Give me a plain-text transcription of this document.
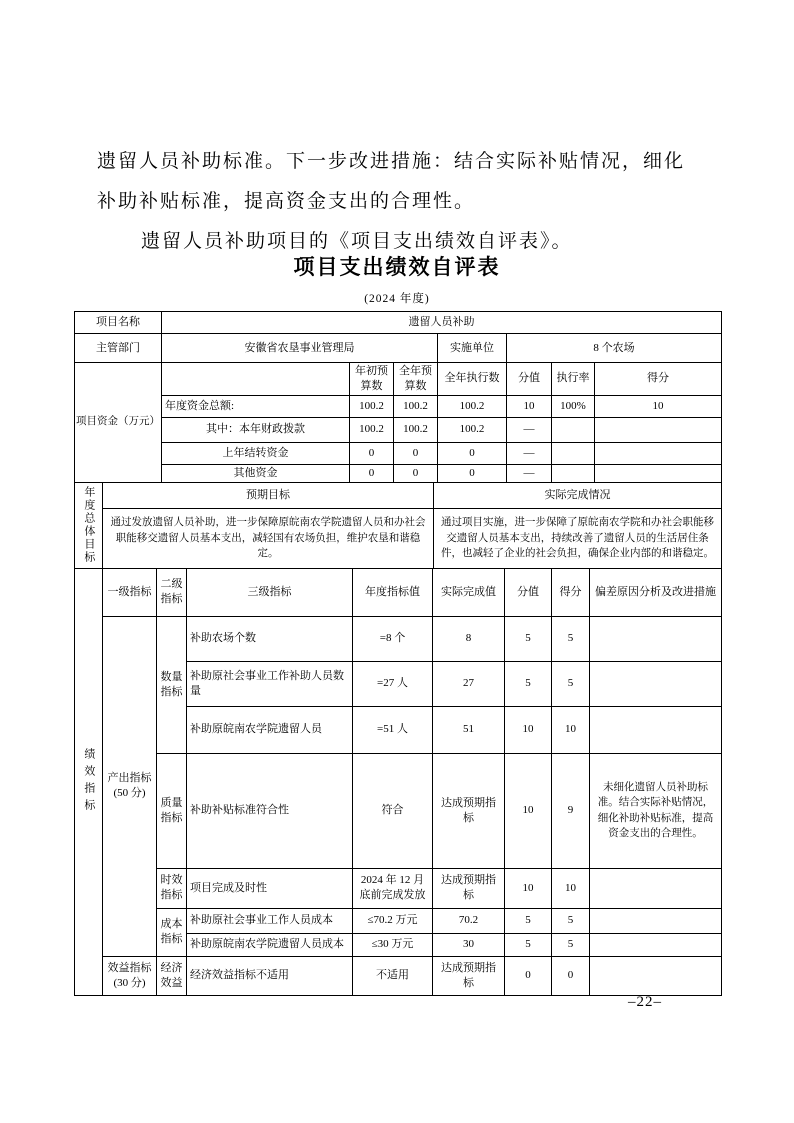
遗留人员补助标准。下一步改进措施：结合实际补贴情况，细化
补助补贴标准，提高资金支出的合理性。

遗留人员补助项目的《项目支出绩效自评表》。

项目支出绩效自评表
(2024 年度)
项目名称	遗留人员补助						
主管部门	安徽省农垦事业管理局			实施单位	8 个农场		
项目资金（万元）		年初预算数	全年预算数	全年执行数	分值	执行率	得分
	年度资金总额:	100.2	100.2	100.2	10	100%	10
	其中：本年财政拨款	100.2	100.2	100.2	—		
	上年结转资金	0	0	0	—		
	其他资金	0	0	0	—		
年度总体目标	预期目标	实际完成情况
	通过发放遗留人员补助，进一步保障原皖南农学院遗留人员和办社会职能移交遗留人员基本支出，减轻国有农场负担，维护农垦和谐稳定。	通过项目实施，进一步保障了原皖南农学院和办社会职能移交遗留人员基本支出，持续改善了遗留人员的生活居住条件，也减轻了企业的社会负担，确保企业内部的和谐稳定。
绩效指标	一级指标	二级指标	三级指标	年度指标值	实际完成值	分值	得分	偏差原因分析及改进措施
	产出指标 (50 分)	数量指标	补助农场个数	=8 个	8	5	5	
			补助原社会事业工作补助人员数量	=27 人	27	5	5	
			补助原皖南农学院遗留人员	=51 人	51	10	10	
		质量指标	补助补贴标准符合性	符合	达成预期指标	10	9	未细化遗留人员补助标准。结合实际补贴情况，细化补助补贴标准，提高资金支出的合理性。
		时效指标	项目完成及时性	2024 年 12 月底前完成发放	达成预期指标	10	10	
		成本指标	补助原社会事业工作人员成本	≤70.2 万元	70.2	5	5	
			补助原皖南农学院遗留人员成本	≤30 万元	30	5	5	
	效益指标 (30 分)	经济效益	经济效益指标不适用	不适用	达成预期指标	0	0	
–22–
